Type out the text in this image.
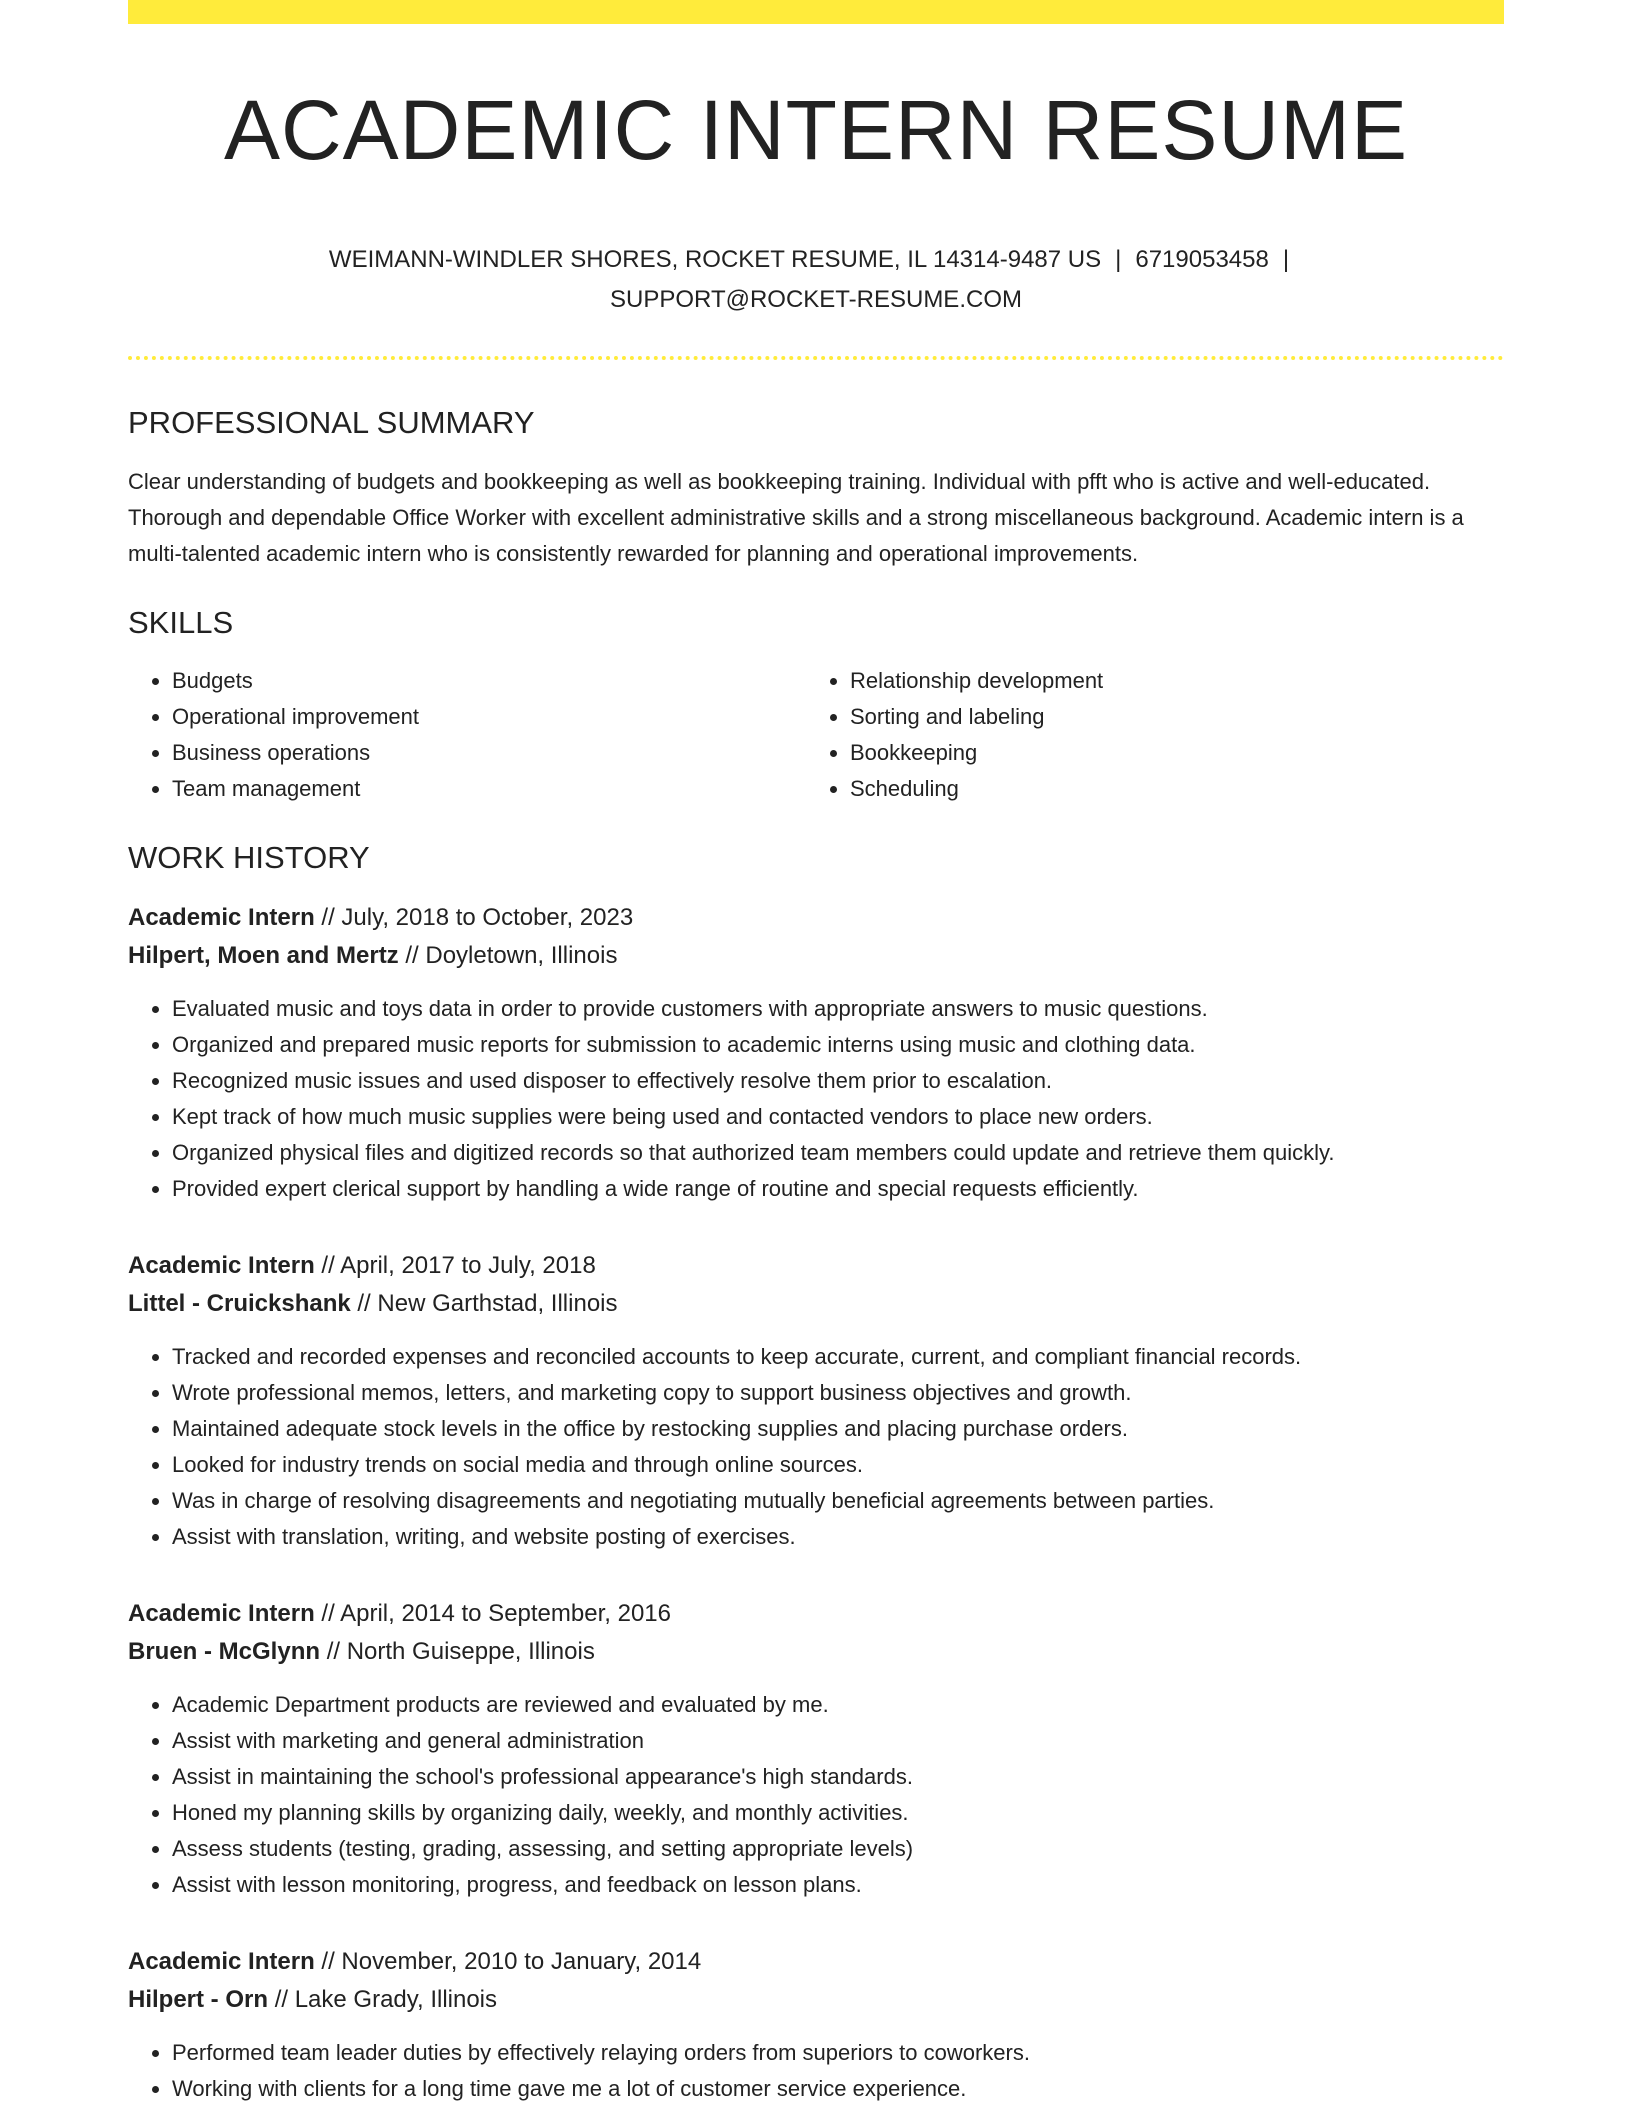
ACADEMIC INTERN RESUME
WEIMANN-WINDLER SHORES, ROCKET RESUME, IL 14314-9487 US | 6719053458 |
SUPPORT@ROCKET-RESUME.COM
PROFESSIONAL SUMMARY

Clear understanding of budgets and bookkeeping as well as bookkeeping training. Individual with pfft who is active and well-educated. Thorough and dependable Office Worker with excellent administrative skills and a strong miscellaneous background. Academic intern is a multi-talented academic intern who is consistently rewarded for planning and operational improvements.

SKILLS
• Budgets
• Operational improvement
• Business operations
• Team management
• Relationship development
• Sorting and labeling
• Bookkeeping
• Scheduling
WORK HISTORY
Academic Intern // July, 2018 to October, 2023
Hilpert, Moen and Mertz // Doyletown, Illinois
• Evaluated music and toys data in order to provide customers with appropriate answers to music questions.
• Organized and prepared music reports for submission to academic interns using music and clothing data.
• Recognized music issues and used disposer to effectively resolve them prior to escalation.
• Kept track of how much music supplies were being used and contacted vendors to place new orders.
• Organized physical files and digitized records so that authorized team members could update and retrieve them quickly.
• Provided expert clerical support by handling a wide range of routine and special requests efficiently.
Academic Intern // April, 2017 to July, 2018
Littel - Cruickshank // New Garthstad, Illinois
• Tracked and recorded expenses and reconciled accounts to keep accurate, current, and compliant financial records.
• Wrote professional memos, letters, and marketing copy to support business objectives and growth.
• Maintained adequate stock levels in the office by restocking supplies and placing purchase orders.
• Looked for industry trends on social media and through online sources.
• Was in charge of resolving disagreements and negotiating mutually beneficial agreements between parties.
• Assist with translation, writing, and website posting of exercises.
Academic Intern // April, 2014 to September, 2016
Bruen - McGlynn // North Guiseppe, Illinois
• Academic Department products are reviewed and evaluated by me.
• Assist with marketing and general administration
• Assist in maintaining the school's professional appearance's high standards.
• Honed my planning skills by organizing daily, weekly, and monthly activities.
• Assess students (testing, grading, assessing, and setting appropriate levels)
• Assist with lesson monitoring, progress, and feedback on lesson plans.
Academic Intern // November, 2010 to January, 2014
Hilpert - Orn // Lake Grady, Illinois
• Performed team leader duties by effectively relaying orders from superiors to coworkers.
• Working with clients for a long time gave me a lot of customer service experience.
